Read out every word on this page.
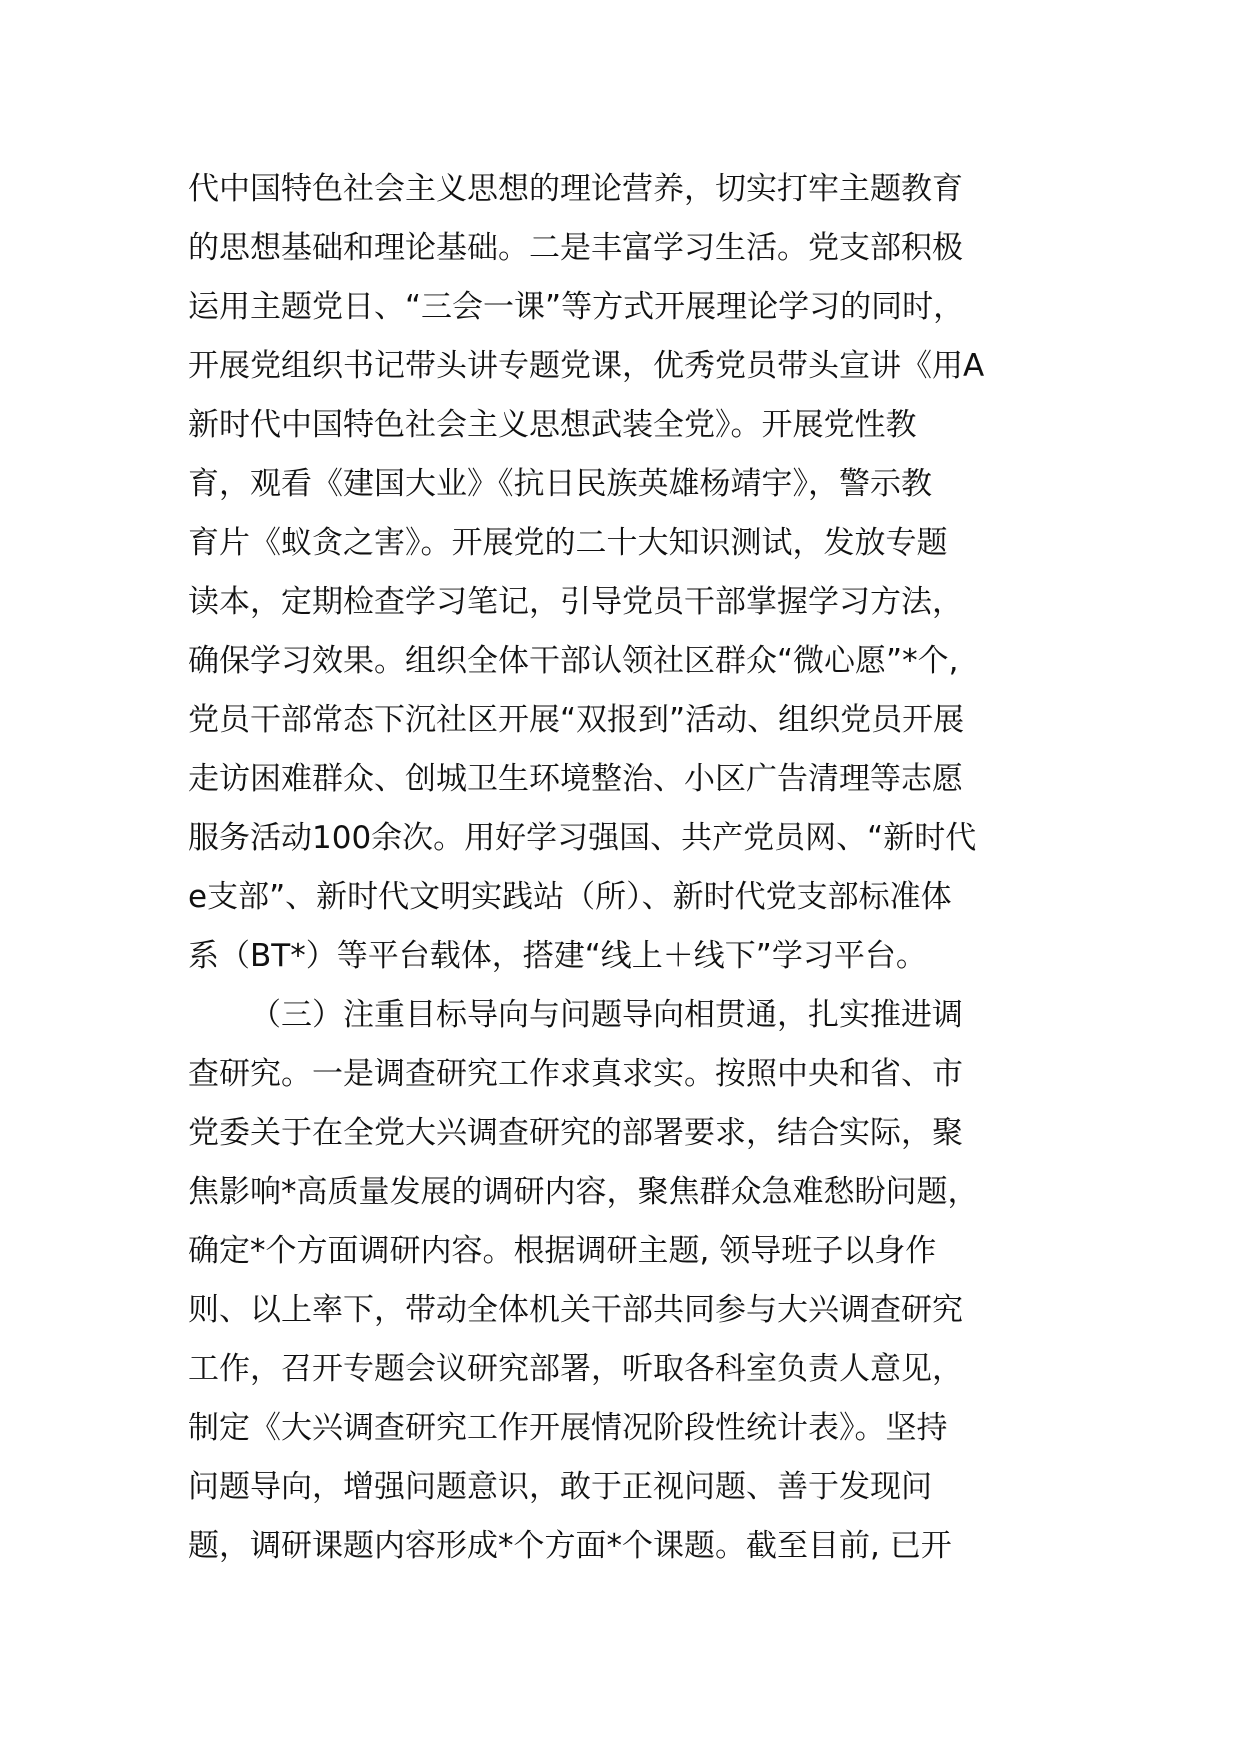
代中国特色社会主义思想的理论营养，切实打牢主题教育
的思想基础和理论基础。二是丰富学习生活。党支部积极
运用主题党日、“三会一课”等方式开展理论学习的同时，
开展党组织书记带头讲专题党课，优秀党员带头宣讲《用A
新时代中国特色社会主义思想武装全党》。开展党性教
育，观看《建国大业》《抗日民族英雄杨靖宇》，警示教
育片《蚁贪之害》。开展党的二十大知识测试，发放专题
读本，定期检查学习笔记，引导党员干部掌握学习方法，
确保学习效果。组织全体干部认领社区群众“微心愿”*个,
党员干部常态下沉社区开展“双报到”活动、组织党员开展
走访困难群众、创城卫生环境整治、小区广告清理等志愿
服务活动100余次。用好学习强国、共产党员网、“新时代
e支部”、新时代文明实践站（所）、新时代党支部标准体
系（BT*）等平台载体，搭建“线上＋线下”学习平台。
（三）注重目标导向与问题导向相贯通，扎实推进调
查研究。一是调查研究工作求真求实。按照中央和省、市
党委关于在全党大兴调查研究的部署要求，结合实际，聚
焦影响*高质量发展的调研内容，聚焦群众急难愁盼问题，
确定*个方面调研内容。根据调研主题, 领导班子以身作
则、以上率下，带动全体机关干部共同参与大兴调查研究
工作，召开专题会议研究部署，听取各科室负责人意见，
制定《大兴调查研究工作开展情况阶段性统计表》。坚持
问题导向，增强问题意识，敢于正视问题、善于发现问
题，调研课题内容形成*个方面*个课题。截至目前, 已开
